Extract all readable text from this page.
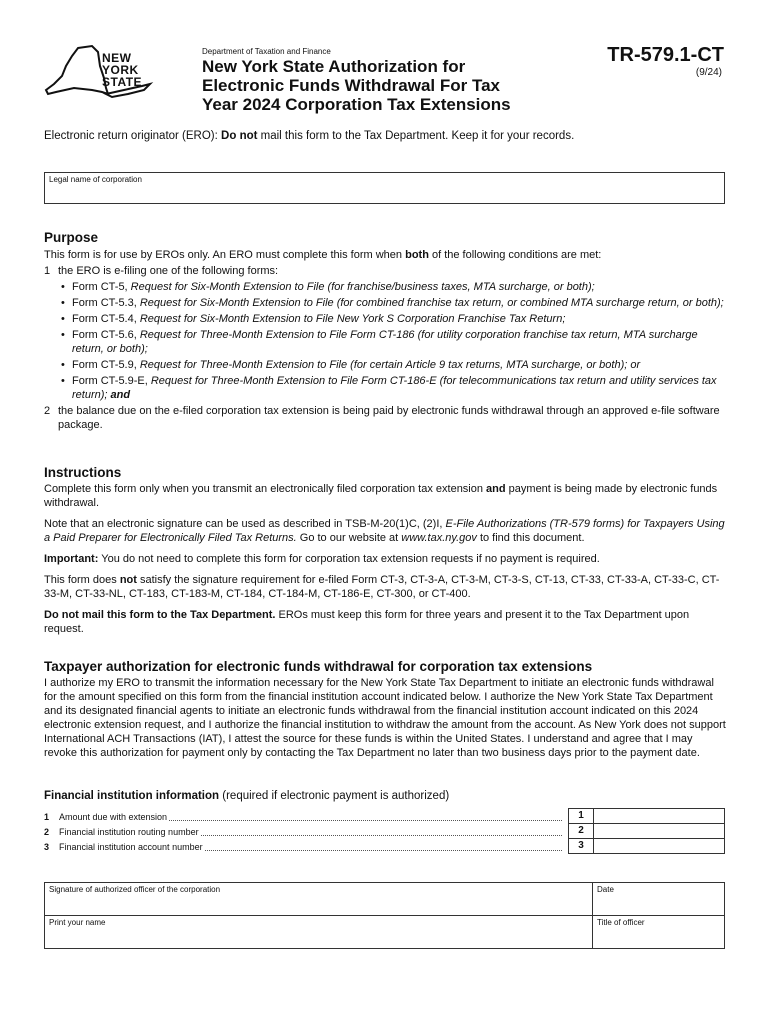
NEW
YORK
STATE
Department of Taxation and Finance
New York State Authorization for
Electronic Funds Withdrawal For Tax
Year 2024 Corporation Tax Extensions
TR-579.1-CT
(9/24)
Electronic return originator (ERO): Do not mail this form to the Tax Department. Keep it for your records.
Legal name of corporation
Purpose
This form is for use by EROs only. An ERO must complete this form when both of the following conditions are met:
1 the ERO is e-filing one of the following forms:
• Form CT-5, Request for Six-Month Extension to File (for franchise/business taxes, MTA surcharge, or both);
• Form CT-5.3, Request for Six-Month Extension to File (for combined franchise tax return, or combined MTA surcharge return, or both);
• Form CT-5.4, Request for Six-Month Extension to File New York S Corporation Franchise Tax Return;
• Form CT-5.6, Request for Three-Month Extension to File Form CT-186 (for utility corporation franchise tax return, MTA surcharge return, or both);
• Form CT-5.9, Request for Three-Month Extension to File (for certain Article 9 tax returns, MTA surcharge, or both); or
• Form CT-5.9-E, Request for Three-Month Extension to File Form CT-186-E (for telecommunications tax return and utility services tax return); and
2 the balance due on the e-filed corporation tax extension is being paid by electronic funds withdrawal through an approved e-file software package.
Instructions
Complete this form only when you transmit an electronically filed corporation tax extension and payment is being made by electronic funds withdrawal.
Note that an electronic signature can be used as described in TSB-M-20(1)C, (2)I, E-File Authorizations (TR-579 forms) for Taxpayers Using a Paid Preparer for Electronically Filed Tax Returns. Go to our website at www.tax.ny.gov to find this document.
Important: You do not need to complete this form for corporation tax extension requests if no payment is required.
This form does not satisfy the signature requirement for e-filed Form CT-3, CT-3-A, CT-3-M, CT-3-S, CT-13, CT-33, CT-33-A, CT-33-C, CT-33-M, CT-33-NL, CT-183, CT-183-M, CT-184, CT-184-M, CT-186-E, CT-300, or CT-400.
Do not mail this form to the Tax Department. EROs must keep this form for three years and present it to the Tax Department upon request.
Taxpayer authorization for electronic funds withdrawal for corporation tax extensions
I authorize my ERO to transmit the information necessary for the New York State Tax Department to initiate an electronic funds withdrawal for the amount specified on this form from the financial institution account indicated below. I authorize the New York State Tax Department and its designated financial agents to initiate an electronic funds withdrawal from the financial institution account indicated on this 2024 electronic extension request, and I authorize the financial institution to withdraw the amount from the account. As New York does not support International ACH Transactions (IAT), I attest the source for these funds is within the United States. I understand and agree that I may revoke this authorization for payment only by contacting the Tax Department no later than two business days prior to the payment date.
Financial institution information (required if electronic payment is authorized)
1	Amount due with extension	1
2	Financial institution routing number	2
3	Financial institution account number	3
Signature of authorized officer of the corporation	Date
Print your name	Title of officer
